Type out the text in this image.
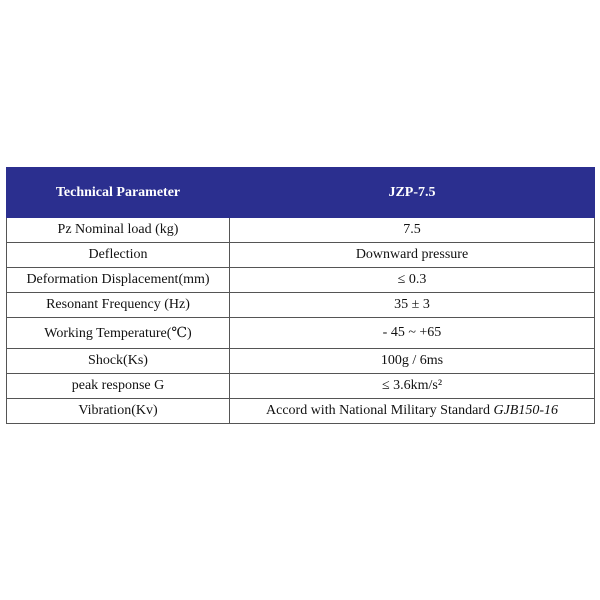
Technical Parameter	JZP-7.5
Pz Nominal load (kg)	7.5
Deflection	Downward pressure
Deformation Displacement(mm)	≤ 0.3
Resonant Frequency (Hz)	35 ± 3
Working Temperature(℃)	- 45 ~ +65
Shock(Ks)	100g / 6ms
peak response G	≤ 3.6km/s²
Vibration(Kv)	Accord with National Military Standard GJB150-16
